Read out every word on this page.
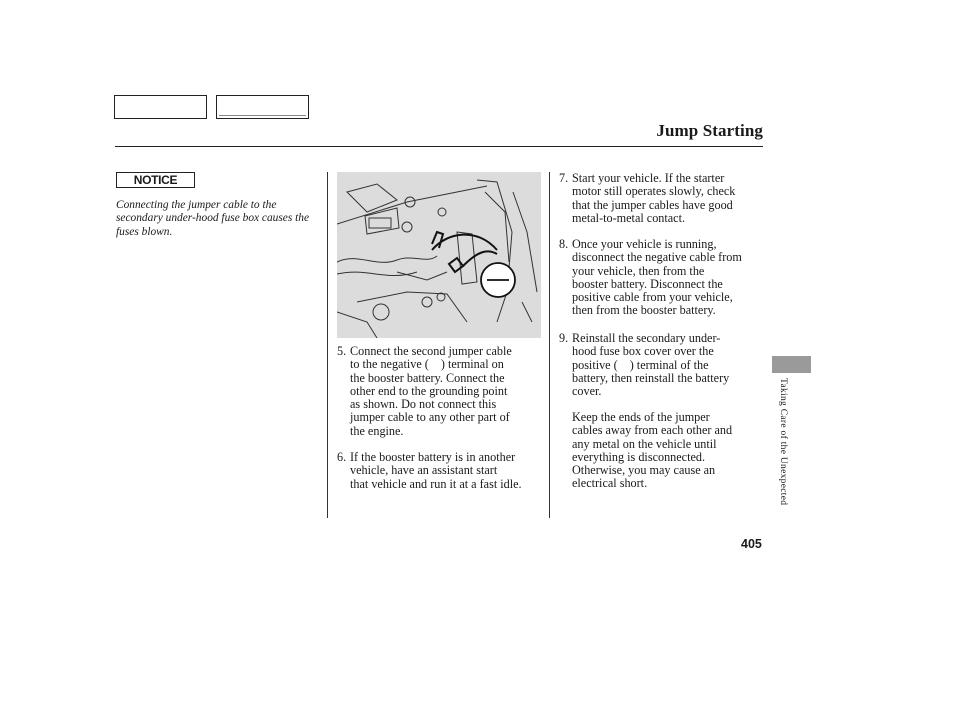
Jump Starting
NOTICE
Connecting the jumper cable to the secondary under-hood fuse box causes the fuses blown.
5. Connect the second jumper cable
to the negative ( ) terminal on
the booster battery. Connect the
other end to the grounding point
as shown. Do not connect this
jumper cable to any other part of
the engine.
6. If the booster battery is in another
vehicle, have an assistant start
that vehicle and run it at a fast idle.
7. Start your vehicle. If the starter
motor still operates slowly, check
that the jumper cables have good
metal-to-metal contact.
8. Once your vehicle is running,
disconnect the negative cable from
your vehicle, then from the
booster battery. Disconnect the
positive cable from your vehicle,
then from the booster battery.
9. Reinstall the secondary under-
hood fuse box cover over the
positive ( ) terminal of the
battery, then reinstall the battery
cover.
Keep the ends of the jumper
cables away from each other and
any metal on the vehicle until
everything is disconnected.
Otherwise, you may cause an
electrical short.	Taking Care of the Unexpected
405
